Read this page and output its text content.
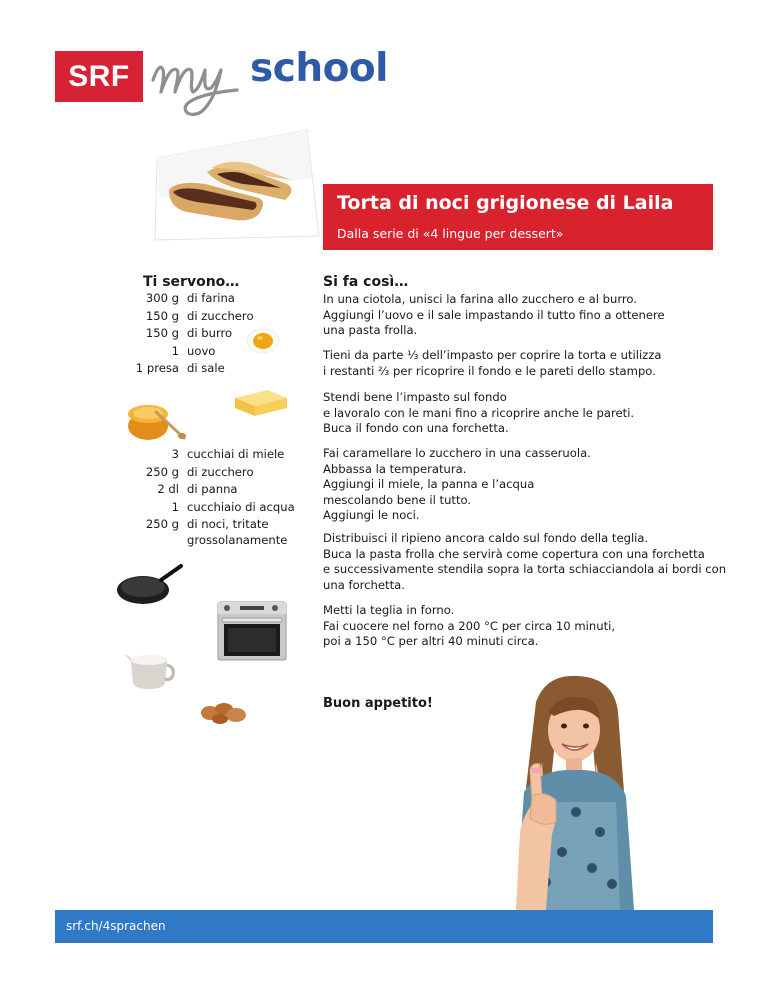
SRF	school
Torta di noci grigionese di Laila
Dalla serie di «4 lingue per dessert»
Ti servono…
300 g di farina
150 g di zucchero
150 g di burro
1 uovo
1 presa di sale
3 cucchiai di miele
250 g di zucchero
2 dl di panna
1 cucchiaio di acqua
250 g di noci, tritate
grossolanamente
Si fa così…
In una ciotola, unisci la farina allo zucchero e al burro.
Aggiungi l’uovo e il sale impastando il tutto fino a ottenere
una pasta frolla.
Tieni da parte ⅓ dell’impasto per coprire la torta e utilizza
i restanti ⅔ per ricoprire il fondo e le pareti dello stampo.
Stendi bene l’impasto sul fondo
e lavoralo con le mani fino a ricoprire anche le pareti.
Buca il fondo con una forchetta.
Fai caramellare lo zucchero in una casseruola.
Abbassa la temperatura.
Aggiungi il miele, la panna e l’acqua
mescolando bene il tutto.
Aggiungi le noci.
Distribuisci il ripieno ancora caldo sul fondo della teglia.
Buca la pasta frolla che servirà come copertura con una forchetta
e successivamente stendila sopra la torta schiacciandola ai bordi con
una forchetta.
Metti la teglia in forno.
Fai cuocere nel forno a 200 °C per circa 10 minuti,
poi a 150 °C per altri 40 minuti circa.
Buon appetito!
srf.ch/4sprachen
